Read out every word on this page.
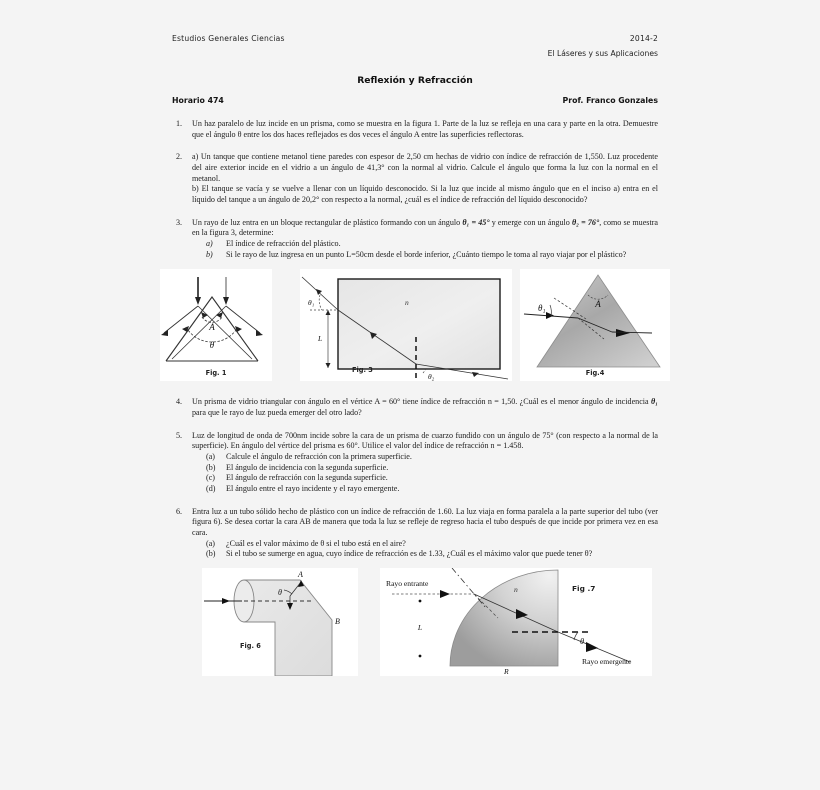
Estudios Generales Ciencias	2014-2
El Láseres y sus Aplicaciones
Reflexión y Refracción
Horario 474	Prof. Franco Gonzales
1.	Un haz paralelo de luz incide en un prisma, como se muestra en la figura 1. Parte de la luz se refleja en una cara y parte en la otra. Demuestre que el ángulo θ entre los dos haces reflejados es dos veces el ángulo A entre las superficies reflectoras.

2.	a) Un tanque que contiene metanol tiene paredes con espesor de 2,50 cm hechas de vidrio con índice de refracción de 1,550. Luz procedente del aire exterior incide en el vidrio a un ángulo de 41,3° con la normal al vidrio. Calcule el ángulo que forma la luz con la normal en el metanol.

b) El tanque se vacía y se vuelve a llenar con un líquido desconocido. Si la luz que incide al mismo ángulo que en el inciso a) entra en el líquido del tanque a un ángulo de 20,2° con respecto a la normal, ¿cuál es el índice de refracción del líquido desconocido?

3.	Un rayo de luz entra en un bloque rectangular de plástico formando con un ángulo θ₁ = 45° y emerge con un ángulo θ₂ = 76°, como se muestra en la figura 3, determine:

a)	El índice de refracción del plástico.
b)	Si le rayo de luz ingresa en un punto L=50cm desde el borde inferior, ¿Cuánto tiempo le toma al rayo viajar por el plástico?
A
θ
Fig. 1
θ₁
L
θ₂
n
Fig. 3
θ₁	A
Fig.4
4.	Un prisma de vidrio triangular con ángulo en el vértice A = 60° tiene índice de refracción n = 1,50. ¿Cuál es el menor ángulo de incidencia θ₁ para que le rayo de luz pueda emerger del otro lado?

5.	Luz de longitud de onda de 700nm incide sobre la cara de un prisma de cuarzo fundido con un ángulo de 75° (con respecto a la normal de la superficie). En ángulo del vértice del prisma es 60°. Utilice el valor del índice de refracción n = 1.458.

(a)	Calcule el ángulo de refracción con la primera superficie.
(b)	El ángulo de incidencia con la segunda superficie.
(c)	El ángulo de refracción con la segunda superficie.
(d)	El ángulo entre el rayo incidente y el rayo emergente.
6.	Entra luz a un tubo sólido hecho de plástico con un índice de refracción de 1.60. La luz viaja en forma paralela a la parte superior del tubo (ver figura 6). Se desea cortar la cara AB de manera que toda la luz se refleje de regreso hacia el tubo después de que incide por primera vez en esa cara.

(a)	¿Cuál es el valor máximo de θ si el tubo está en el aire?
(b)	Si el tubo se sumerge en agua, cuyo índice de refracción es de 1.33, ¿Cuál es el máximo valor que puede tener θ?
A
B
θ
Fig. 6
Rayo entrante
Rayo emergente
n
L
R
θ
Fig .7
